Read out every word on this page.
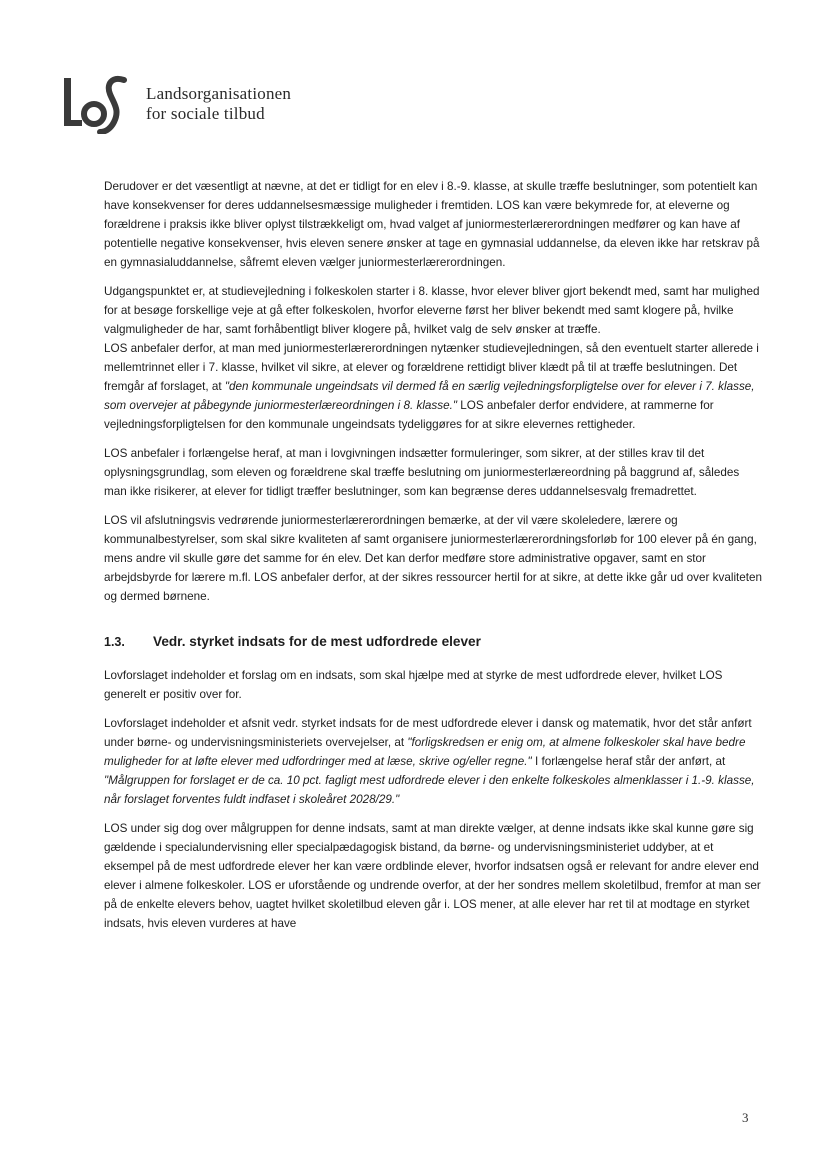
Landsorganisationen
for sociale tilbud

Derudover er det væsentligt at nævne, at det er tidligt for en elev i 8.-9. klasse, at skulle træffe beslutninger, som potentielt kan have konsekvenser for deres uddannelsesmæssige muligheder i fremtiden. LOS kan være bekymrede for, at eleverne og forældrene i praksis ikke bliver oplyst tilstrækkeligt om, hvad valget af juniormesterlærerordningen medfører og kan have af potentielle negative konsekvenser, hvis eleven senere ønsker at tage en gymnasial uddannelse, da eleven ikke har retskrav på en gymnasialuddannelse, såfremt eleven vælger juniormesterlærerordningen.

Udgangspunktet er, at studievejledning i folkeskolen starter i 8. klasse, hvor elever bliver gjort bekendt med, samt har mulighed for at besøge forskellige veje at gå efter folkeskolen, hvorfor eleverne først her bliver bekendt med samt klogere på, hvilke valgmuligheder de har, samt forhåbentligt bliver klogere på, hvilket valg de selv ønsker at træffe.

LOS anbefaler derfor, at man med juniormesterlærerordningen nytænker studievejledningen, så den eventuelt starter allerede i mellemtrinnet eller i 7. klasse, hvilket vil sikre, at elever og forældrene rettidigt bliver klædt på til at træffe beslutningen. Det fremgår af forslaget, at "den kommunale ungeindsats vil dermed få en særlig vejledningsforpligtelse over for elever i 7. klasse, som overvejer at påbegynde juniormesterlæreordningen i 8. klasse." LOS anbefaler derfor endvidere, at rammerne for vejledningsforpligtelsen for den kommunale ungeindsats tydeliggøres for at sikre elevernes rettigheder.

LOS anbefaler i forlængelse heraf, at man i lovgivningen indsætter formuleringer, som sikrer, at der stilles krav til det oplysningsgrundlag, som eleven og forældrene skal træffe beslutning om juniormesterlæreordning på baggrund af, således man ikke risikerer, at elever for tidligt træffer beslutninger, som kan begrænse deres uddannelsesvalg fremadrettet.

LOS vil afslutningsvis vedrørende juniormesterlærerordningen bemærke, at der vil være skoleledere, lærere og kommunalbestyrelser, som skal sikre kvaliteten af samt organisere juniormesterlærerordningsforløb for 100 elever på én gang, mens andre vil skulle gøre det samme for én elev. Det kan derfor medføre store administrative opgaver, samt en stor arbejdsbyrde for lærere m.fl. LOS anbefaler derfor, at der sikres ressourcer hertil for at sikre, at dette ikke går ud over kvaliteten og dermed børnene.

1.3.	Vedr. styrket indsats for de mest udfordrede elever

Lovforslaget indeholder et forslag om en indsats, som skal hjælpe med at styrke de mest udfordrede elever, hvilket LOS generelt er positiv over for.

Lovforslaget indeholder et afsnit vedr. styrket indsats for de mest udfordrede elever i dansk og matematik, hvor det står anført under børne- og undervisningsministeriets overvejelser, at "forligskredsen er enig om, at almene folkeskoler skal have bedre muligheder for at løfte elever med udfordringer med at læse, skrive og/eller regne." I forlængelse heraf står der anført, at "Målgruppen for forslaget er de ca. 10 pct. fagligt mest udfordrede elever i den enkelte folkeskoles almenklasser i 1.-9. klasse, når forslaget forventes fuldt indfaset i skoleåret 2028/29."

LOS under sig dog over målgruppen for denne indsats, samt at man direkte vælger, at denne indsats ikke skal kunne gøre sig gældende i specialundervisning eller specialpædagogisk bistand, da børne- og undervisningsministeriet uddyber, at et eksempel på de mest udfordrede elever her kan være ordblinde elever, hvorfor indsatsen også er relevant for andre elever end elever i almene folkeskoler. LOS er uforstående og undrende overfor, at der her sondres mellem skoletilbud, fremfor at man ser på de enkelte elevers behov, uagtet hvilket skoletilbud eleven går i. LOS mener, at alle elever har ret til at modtage en styrket indsats, hvis eleven vurderes at have

3
